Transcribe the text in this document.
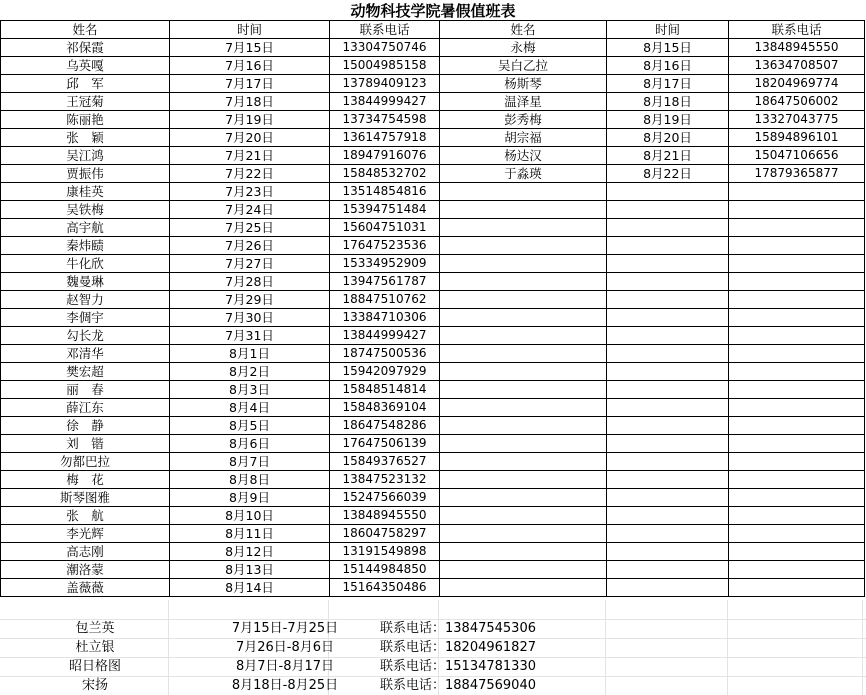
动物科技学院暑假值班表
姓名	时间	联系电话	姓名	时间	联系电话
祁保霞	7月15日	13304750746	永梅	8月15日	13848945550
乌英嘎	7月16日	15004985158	吴白乙拉	8月16日	13634708507
邱　军	7月17日	13789409123	杨斯琴	8月17日	18204969774
王冠菊	7月18日	13844999427	温泽星	8月18日	18647506002
陈丽艳	7月19日	13734754598	彭秀梅	8月19日	13327043775
张　颖	7月20日	13614757918	胡宗福	8月20日	15894896101
吴江鸿	7月21日	18947916076	杨达汉	8月21日	15047106656
贾振伟	7月22日	15848532702	于淼瑛	8月22日	17879365877
康桂英	7月23日	13514854816			
吴铁梅	7月24日	15394751484			
高宇航	7月25日	15604751031			
秦炜赜	7月26日	17647523536			
牛化欣	7月27日	15334952909			
魏曼琳	7月28日	13947561787			
赵智力	7月29日	18847510762			
李倜宇	7月30日	13384710306			
勾长龙	7月31日	13844999427			
邓清华	8月1日	18747500536			
樊宏超	8月2日	15942097929			
丽　春	8月3日	15848514814			
薛江东	8月4日	15848369104			
徐　静	8月5日	18647548286			
刘　锴	8月6日	17647506139			
勿都巴拉	8月7日	15849376527			
梅　花	8月8日	13847523132			
斯琴图雅	8月9日	15247566039			
张　航	8月10日	13848945550			
李光辉	8月11日	18604758297			
高志刚	8月12日	13191549898			
潮洛蒙	8月13日	15144984850			
盖薇薇	8月14日	15164350486			
包兰英	7月15日-7月25日	联系电话：13847545306
杜立银	7月26日-8月6日	联系电话：18204961827
昭日格图	8月7日-8月17日	联系电话：15134781330
宋扬	8月18日-8月25日	联系电话：18847569040
